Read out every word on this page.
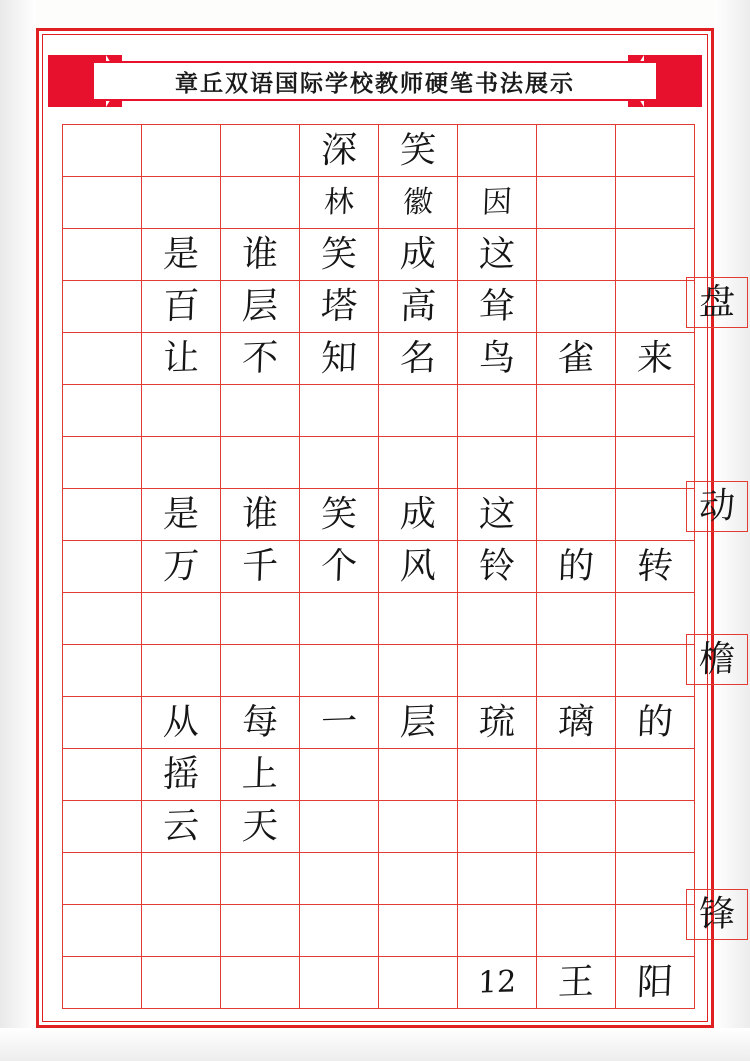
章丘双语国际学校教师硬笔书法展示
			深	笑			
			林	徽	因		
	是	谁	笑	成	这		
	百	层	塔	高	耸		
	让	不	知	名	鸟	雀	来

	是	谁	笑	成	这		
	万	千	个	风	铃	的	转

	从	每	一	层	琉	璃	的
	摇	上					
	云	天					

					12	王	阳
盘
动
檐
锋
